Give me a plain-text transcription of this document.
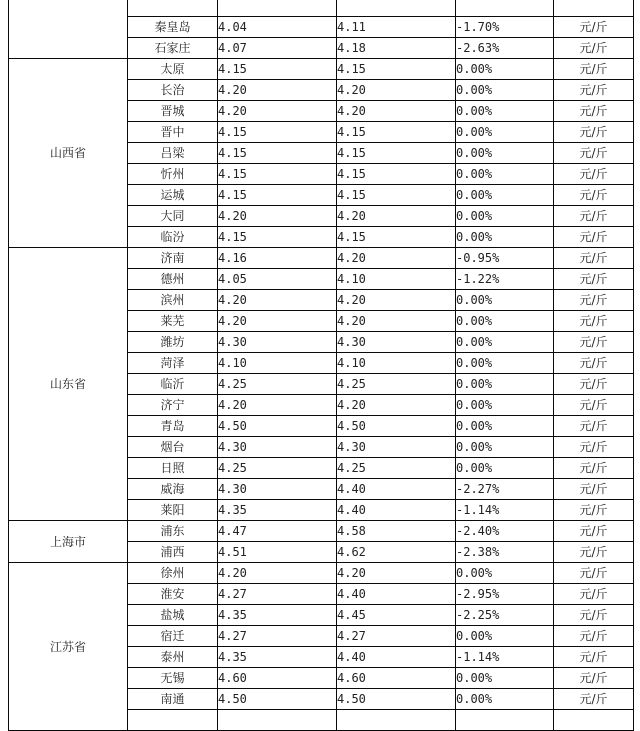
	秦皇岛	4.04	4.11	-1.70%	元/斤
	石家庄	4.07	4.18	-2.63%	元/斤
山西省	太原	4.15	4.15	0.00%	元/斤
	长治	4.20	4.20	0.00%	元/斤
	晋城	4.20	4.20	0.00%	元/斤
	晋中	4.15	4.15	0.00%	元/斤
	吕梁	4.15	4.15	0.00%	元/斤
	忻州	4.15	4.15	0.00%	元/斤
	运城	4.15	4.15	0.00%	元/斤
	大同	4.20	4.20	0.00%	元/斤
	临汾	4.15	4.15	0.00%	元/斤
山东省	济南	4.16	4.20	-0.95%	元/斤
	德州	4.05	4.10	-1.22%	元/斤
	滨州	4.20	4.20	0.00%	元/斤
	莱芜	4.20	4.20	0.00%	元/斤
	潍坊	4.30	4.30	0.00%	元/斤
	菏泽	4.10	4.10	0.00%	元/斤
	临沂	4.25	4.25	0.00%	元/斤
	济宁	4.20	4.20	0.00%	元/斤
	青岛	4.50	4.50	0.00%	元/斤
	烟台	4.30	4.30	0.00%	元/斤
	日照	4.25	4.25	0.00%	元/斤
	威海	4.30	4.40	-2.27%	元/斤
	莱阳	4.35	4.40	-1.14%	元/斤
上海市	浦东	4.47	4.58	-2.40%	元/斤
	浦西	4.51	4.62	-2.38%	元/斤
江苏省	徐州	4.20	4.20	0.00%	元/斤
	淮安	4.27	4.40	-2.95%	元/斤
	盐城	4.35	4.45	-2.25%	元/斤
	宿迁	4.27	4.27	0.00%	元/斤
	泰州	4.35	4.40	-1.14%	元/斤
	无锡	4.60	4.60	0.00%	元/斤
	南通	4.50	4.50	0.00%	元/斤
